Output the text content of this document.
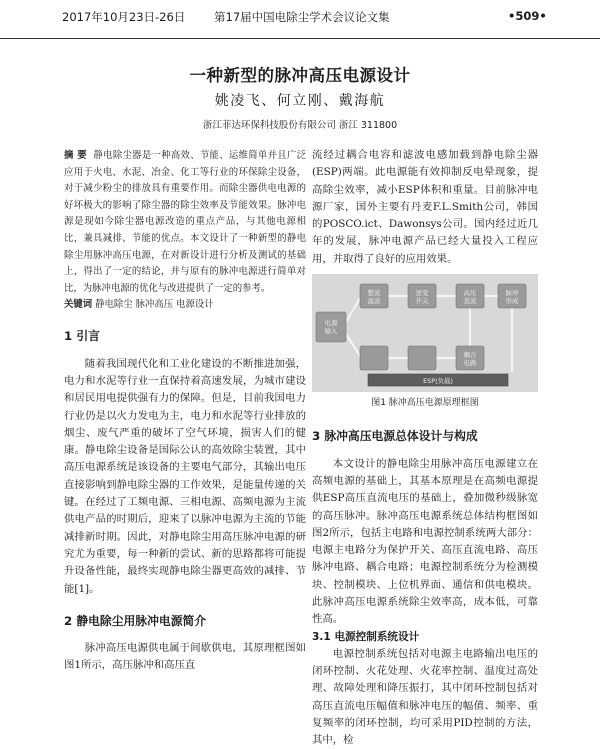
2017年10月23日-26日 第17届中国电除尘学术会议论文集	•509•
一种新型的脉冲高压电源设计
姚凌飞、何立刚、戴海航
浙江菲达环保科技股份有限公司 浙江 311800
摘 要 静电除尘器是一种高效、节能、运维简单并且广泛应用于火电、水泥、冶金、化工等行业的环保除尘设备，对于减少粉尘的排放具有重要作用。而除尘器供电电源的好坏极大的影响了除尘器的除尘效率及节能效果。脉冲电源是现如今除尘器电源改造的重点产品，与其他电源相比，兼具减排、节能的优点。本文设计了一种新型的静电除尘用脉冲高压电源，在对新设计进行分析及测试的基础上，得出了一定的结论，并与原有的脉冲电源进行简单对比，为脉冲电源的优化与改进提供了一定的参考。
关键词 静电除尘 脉冲高压 电源设计
1 引言

随着我国现代化和工业化建设的不断推进加强，电力和水泥等行业一直保持着高速发展，为城市建设和居民用电提供强有力的保障。但是，目前我国电力行业仍是以火力发电为主，电力和水泥等行业排放的烟尘、废气严重的破坏了空气环境，损害人们的健康。静电除尘设备是国际公认的高效除尘装置，其中高压电源系统是该设备的主要电气部分，其输出电压直接影响到静电除尘器的工作效果，是能量传递的关键。在经过了工频电源、三相电源、高频电源为主流供电产品的时期后，迎来了以脉冲电源为主流的节能减排新时期。因此，对静电除尘用高压脉冲电源的研究尤为重要，每一种新的尝试、新的思路都将可能提升设备性能，最终实现静电除尘器更高效的减排、节能[1]。

2 静电除尘用脉冲电源简介

脉冲高压电源供电属于间歇供电，其原理框图如图1所示，高压脉冲和高压直

流经过耦合电容和滤波电感加载到静电除尘器(ESP)两端。此电源能有效抑制反电晕现象，提高除尘效率，减小ESP体积和重量。目前脉冲电源厂家，国外主要有丹麦F.L.Smith公司，韩国的POSCO.ict、Dawonsys公司。国内经过近几年的发展，脉冲电源产品已经大量投入工程应用，并取得了良好的应用效果。

电源输入
整流滤波
逆变开关
高压直流
脉冲形成
耦合电路
ESP(负载)
图1 脉冲高压电源原理框图
3 脉冲高压电源总体设计与构成

本文设计的静电除尘用脉冲高压电源建立在高频电源的基础上，其基本原理是在高频电源提供ESP高压直流电压的基础上，叠加微秒级脉宽的高压脉冲。脉冲高压电源系统总体结构框图如图2所示，包括主电路和电源控制系统两大部分：电源主电路分为保护开关、高压直流电路、高压脉冲电路、耦合电路；电源控制系统分为检测模块、控制模块、上位机界面、通信和供电模块。此脉冲高压电源系统除尘效率高，成本低，可靠性高。

3.1 电源控制系统设计

电源控制系统包括对电源主电路输出电压的闭环控制、火花处理、火花率控制、温度过高处理、故障处理和降压振打，其中闭环控制包括对高压直流电压幅值和脉冲电压的幅值、频率、重复频率的闭环控制，均可采用PID控制的方法，其中，检
